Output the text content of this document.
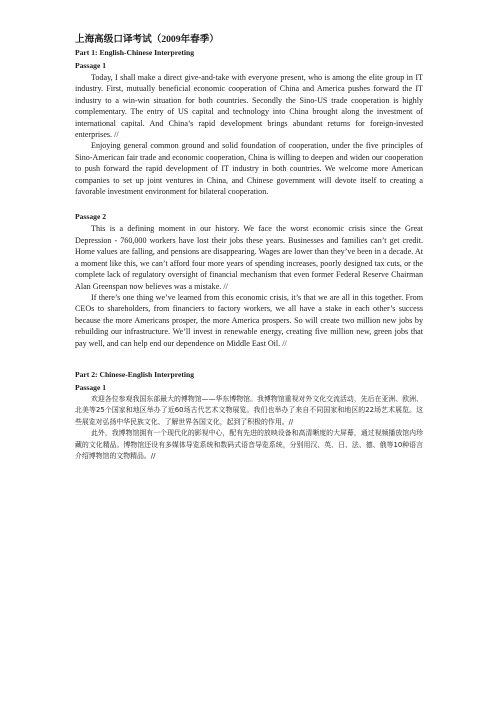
上海高级口译考试（2009年春季）
Part 1: English-Chinese Interpreting
Passage 1

Today, I shall make a direct give-and-take with everyone present, who is among the elite group in IT industry. First, mutually beneficial economic cooperation of China and America pushes forward the IT industry to a win-win situation for both countries. Secondly the Sino-US trade cooperation is highly complementary. The entry of US capital and technology into China brought along the investment of international capital. And China’s rapid development brings abundant returns for foreign-invested enterprises. //

Enjoying general common ground and solid foundation of cooperation, under the five principles of Sino-American fair trade and economic cooperation, China is willing to deepen and widen our cooperation to push forward the rapid development of IT industry in both countries. We welcome more American companies to set up joint ventures in China, and Chinese government will devote itself to creating a favorable investment environment for bilateral cooperation.

Passage 2

This is a defining moment in our history. We face the worst economic crisis since the Great Depression - 760,000 workers have lost their jobs these years. Businesses and families can’t get credit. Home values are falling, and pensions are disappearing. Wages are lower than they’ve been in a decade. At a moment like this, we can’t afford four more years of spending increases, poorly designed tax cuts, or the complete lack of regulatory oversight of financial mechanism that even former Federal Reserve Chairman Alan Greenspan now believes was a mistake. //

If there’s one thing we’ve learned from this economic crisis, it’s that we are all in this together. From CEOs to shareholders, from financiers to factory workers, we all have a stake in each other’s success because the more Americans prosper, the more America prospers. So will create two million new jobs by rebuilding our infrastructure. We’ll invest in renewable energy, creating five million new, green jobs that pay well, and can help end our dependence on Middle East Oil. //

Part 2: Chinese-English Interpreting
Passage 1

欢迎各位参观我国东部最大的博物馆——华东博物馆。我博物馆重视对外文化交流活动，先后在亚洲、欧洲、北美等25个国家和地区举办了近60场古代艺术文物展览。我们也举办了来自不同国家和地区的22场艺术展览。这些展览对弘扬中华民族文化、了解世界各国文化，起到了积极的作用。//

此外，我博物馆拥有一个现代化的影视中心，配有先进的放映设备和高清晰度的大屏幕，通过视频播放馆内珍藏的文化精品。博物馆还设有多媒体导览系统和数码式语音导览系统，分别用汉、英、日、法、德、俄等10种语言介绍博物馆的文物精品。//
